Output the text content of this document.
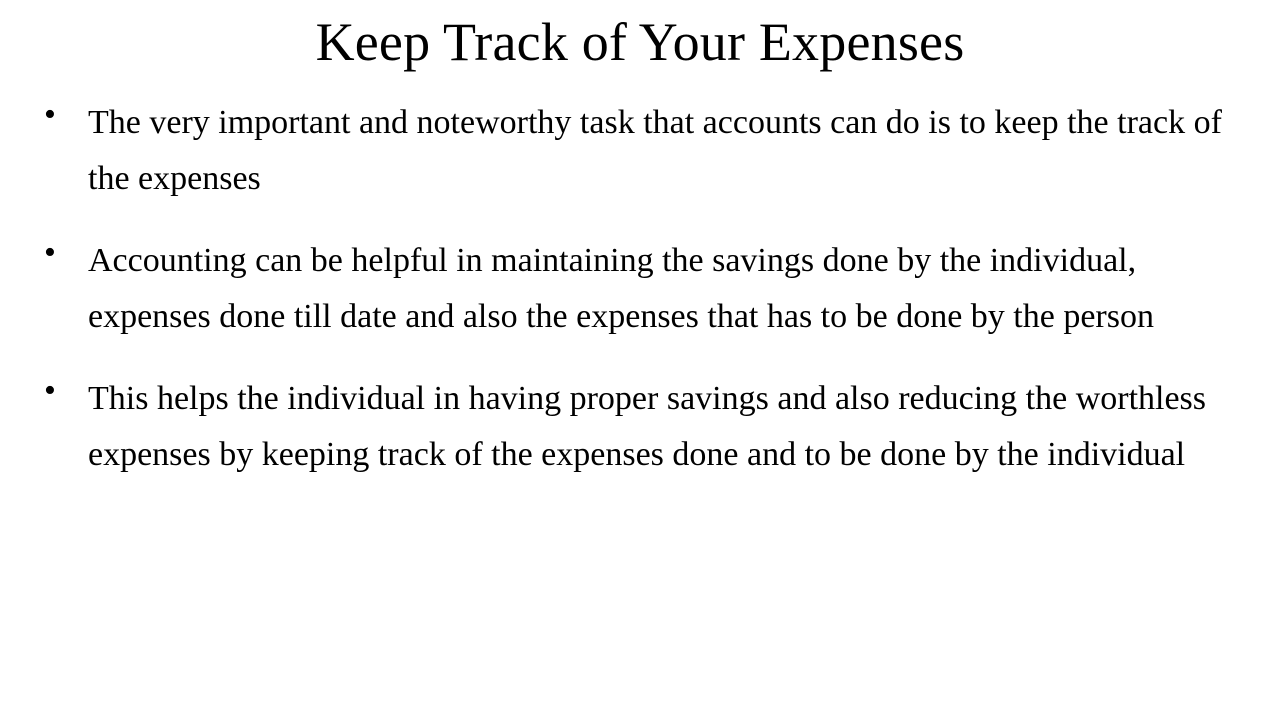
Keep Track of Your Expenses
• The very important and noteworthy task that accounts can do is to keep the track of the expenses
• Accounting can be helpful in maintaining the savings done by the individual, expenses done till date and also the expenses that has to be done by the person
• This helps the individual in having proper savings and also reducing the worthless expenses by keeping track of the expenses done and to be done by the individual
